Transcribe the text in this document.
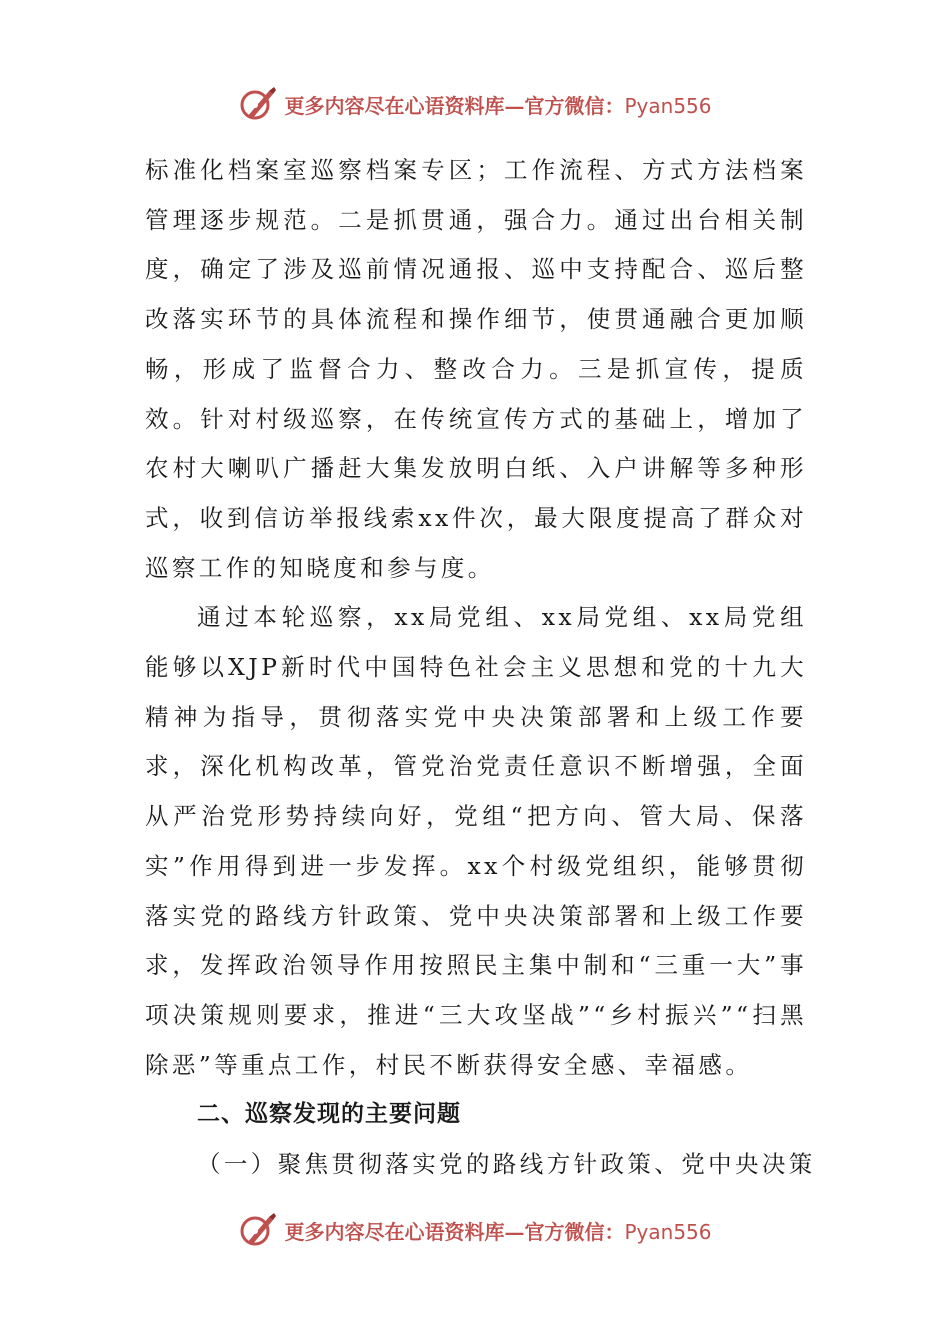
更多内容尽在心语资料库—官方微信：Pyan556

标准化档案室巡察档案专区；工作流程、方式方法档案管理逐步规范。二是抓贯通，强合力。通过出台相关制度，确定了涉及巡前情况通报、巡中支持配合、巡后整改落实环节的具体流程和操作细节，使贯通融合更加顺畅，形成了监督合力、整改合力。三是抓宣传，提质效。针对村级巡察，在传统宣传方式的基础上，增加了农村大喇叭广播赶大集发放明白纸、入户讲解等多种形式，收到信访举报线索xx件次，最大限度提高了群众对巡察工作的知晓度和参与度。

通过本轮巡察，xx局党组、xx局党组、xx局党组能够以XJP新时代中国特色社会主义思想和党的十九大精神为指导，贯彻落实党中央决策部署和上级工作要求，深化机构改革，管党治党责任意识不断增强，全面从严治党形势持续向好，党组“把方向、管大局、保落实”作用得到进一步发挥。xx个村级党组织，能够贯彻落实党的路线方针政策、党中央决策部署和上级工作要求，发挥政治领导作用按照民主集中制和“三重一大”事项决策规则要求，推进“三大攻坚战”“乡村振兴”“扫黑除恶”等重点工作，村民不断获得安全感、幸福感。

二、巡察发现的主要问题

（一）聚焦贯彻落实党的路线方针政策、党中央决策

更多内容尽在心语资料库—官方微信：Pyan556
